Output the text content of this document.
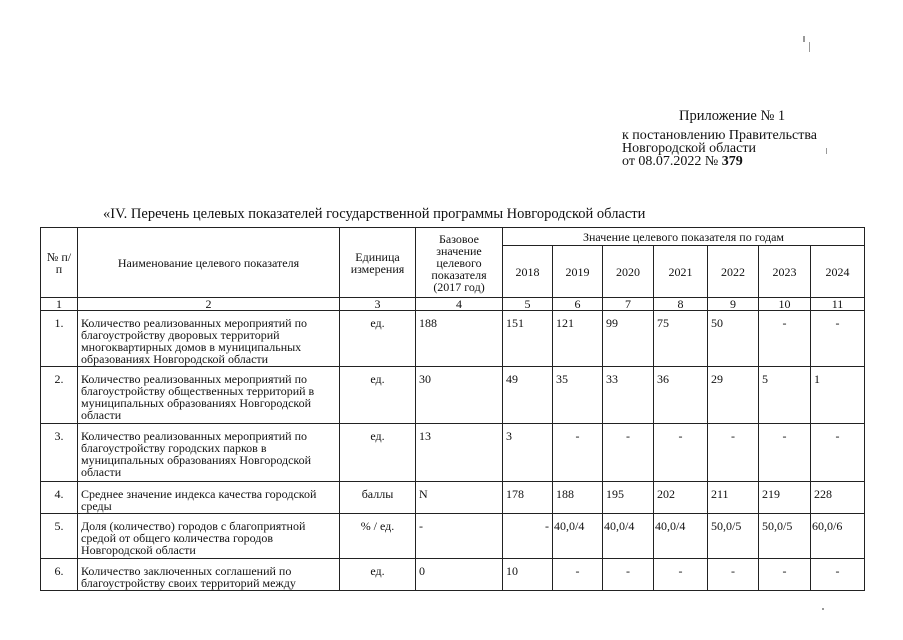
Приложение № 1
к постановлению Правительства
Новгородской области
от 08.07.2022 № 379
«IV. Перечень целевых показателей государственной программы Новгородской области
№ п/п	Наименование целевого показателя	Единица измерения	Базовое значение целевого показателя (2017 год)	Значение целевого показателя по годам						
				2018	2019	2020	2021	2022	2023	2024
1	2	3	4	5	6	7	8	9	10	11
1.	Количество реализованных мероприятий по благоустройству дворовых территорий многоквартирных домов в муниципальных образованиях Новгородской области	ед.	188	151	121	99	75	50	-	-
2.	Количество реализованных мероприятий по благоустройству общественных территорий в муниципальных образованиях Новгородской области	ед.	30	49	35	33	36	29	5	1
3.	Количество реализованных мероприятий по благоустройству городских парков в муниципальных образованиях Новгородской области	ед.	13	3	-	-	-	-	-	-
4.	Среднее значение индекса качества городской среды	баллы	N	178	188	195	202	211	219	228
5.	Доля (количество) городов с благоприятной средой от общего количества городов Новгородской области	% / ед.	-	-	40,0/4	40,0/4	40,0/4	50,0/5	50,0/5	60,0/6
6.	Количество заключенных соглашений по благоустройству своих территорий между	ед.	0	10	-	-	-	-	-	-
